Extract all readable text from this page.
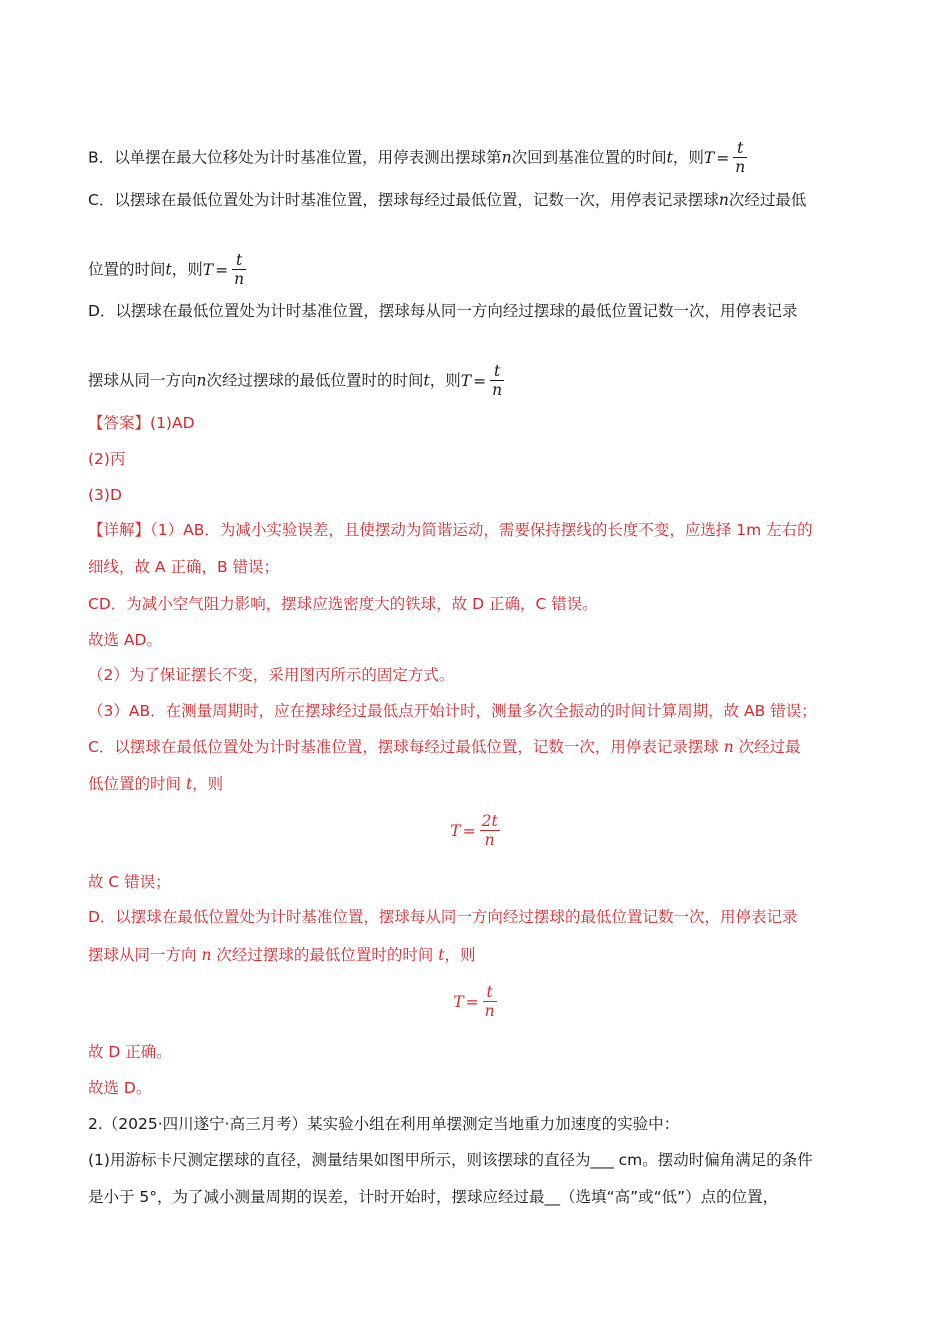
B．以单摆在最大位移处为计时基准位置，用停表测出摆球第n次回到基准位置的时间t，则 $T = \frac{t}{n}$
C．以摆球在最低位置处为计时基准位置，摆球每经过最低位置，记数一次，用停表记录摆球n次经过最低
位置的时间t，则 $T = \frac{t}{n}$
D．以摆球在最低位置处为计时基准位置，摆球每从同一方向经过摆球的最低位置记数一次，用停表记录
摆球从同一方向n次经过摆球的最低位置时的时间t，则 $T = \frac{t}{n}$
【答案】(1)AD
(2)丙
(3)D
【详解】（1）AB．为减小实验误差，且使摆动为简谐运动，需要保持摆线的长度不变，应选择 1m 左右的
细线，故 A 正确，B 错误；
CD．为减小空气阻力影响，摆球应选密度大的铁球，故 D 正确，C 错误。
故选 AD。
（2）为了保证摆长不变，采用图丙所示的固定方式。
（3）AB．在测量周期时，应在摆球经过最低点开始计时，测量多次全振动的时间计算周期，故 AB 错误；
C．以摆球在最低位置处为计时基准位置，摆球每经过最低位置，记数一次，用停表记录摆球 n 次经过最
低位置的时间 t，则
$T = \frac{2t}{n}$
故 C 错误；
D．以摆球在最低位置处为计时基准位置，摆球每从同一方向经过摆球的最低位置记数一次，用停表记录
摆球从同一方向 n 次经过摆球的最低位置时的时间 t，则
$T = \frac{t}{n}$
故 D 正确。
故选 D。
2.（2025·四川遂宁·高三月考）某实验小组在利用单摆测定当地重力加速度的实验中：
(1)用游标卡尺测定摆球的直径，测量结果如图甲所示，则该摆球的直径为___ cm。摆动时偏角满足的条件
是小于 5°，为了减小测量周期的误差，计时开始时，摆球应经过最__（选填“高”或“低”）点的位置，
